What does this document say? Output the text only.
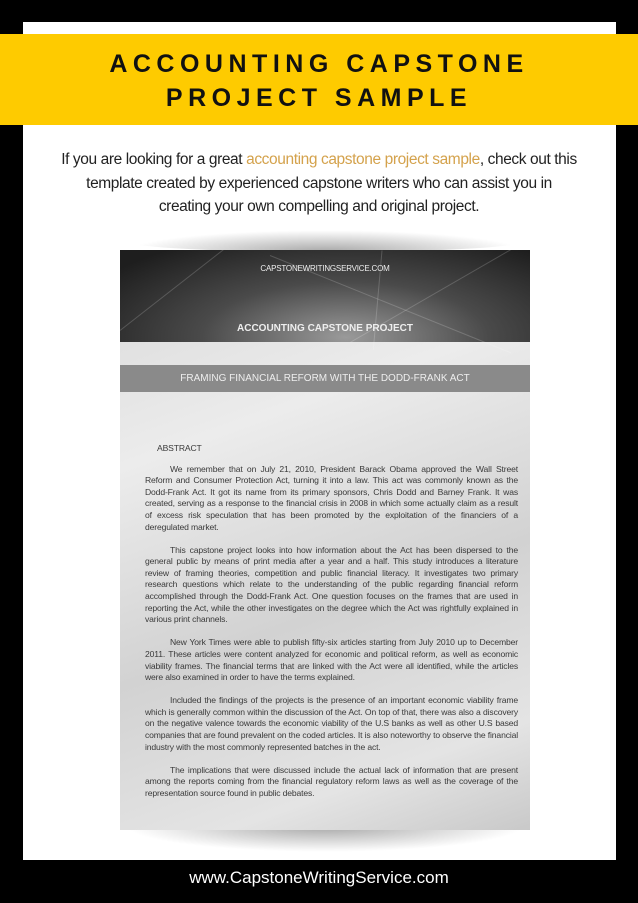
ACCOUNTING CAPSTONE
PROJECT SAMPLE
If you are looking for a great accounting capstone project sample, check out this template created by experienced capstone writers who can assist you in creating your own compelling and original project.
CAPSTONEWRITINGSERVICE.COM
ACCOUNTING CAPSTONE PROJECT
FRAMING FINANCIAL REFORM WITH THE DODD-FRANK ACT
ABSTRACT

We remember that on July 21, 2010, President Barack Obama approved the Wall Street Reform and Consumer Protection Act, turning it into a law. This act was commonly known as the Dodd-Frank Act. It got its name from its primary sponsors, Chris Dodd and Barney Frank. It was created, serving as a response to the financial crisis in 2008 in which some actually claim as a result of excess risk speculation that has been promoted by the exploitation of the financiers of a deregulated market.

This capstone project looks into how information about the Act has been dispersed to the general public by means of print media after a year and a half. This study introduces a literature review of framing theories, competition and public financial literacy. It investigates two primary research questions which relate to the understanding of the public regarding financial reform accomplished through the Dodd-Frank Act. One question focuses on the frames that are used in reporting the Act, while the other investigates on the degree which the Act was rightfully explained in various print channels.

New York Times were able to publish fifty-six articles starting from July 2010 up to December 2011. These articles were content analyzed for economic and political reform, as well as economic viability frames. The financial terms that are linked with the Act were all identified, while the articles were also examined in order to have the terms explained.

Included the findings of the projects is the presence of an important economic viability frame which is generally common within the discussion of the Act. On top of that, there was also a discovery on the negative valence towards the economic viability of the U.S banks as well as other U.S based companies that are found prevalent on the coded articles. It is also noteworthy to observe the financial industry with the most commonly represented batches in the act.

The implications that were discussed include the actual lack of information that are present among the reports coming from the financial regulatory reform laws as well as the coverage of the representation source found in public debates.

www.CapstoneWritingService.com
